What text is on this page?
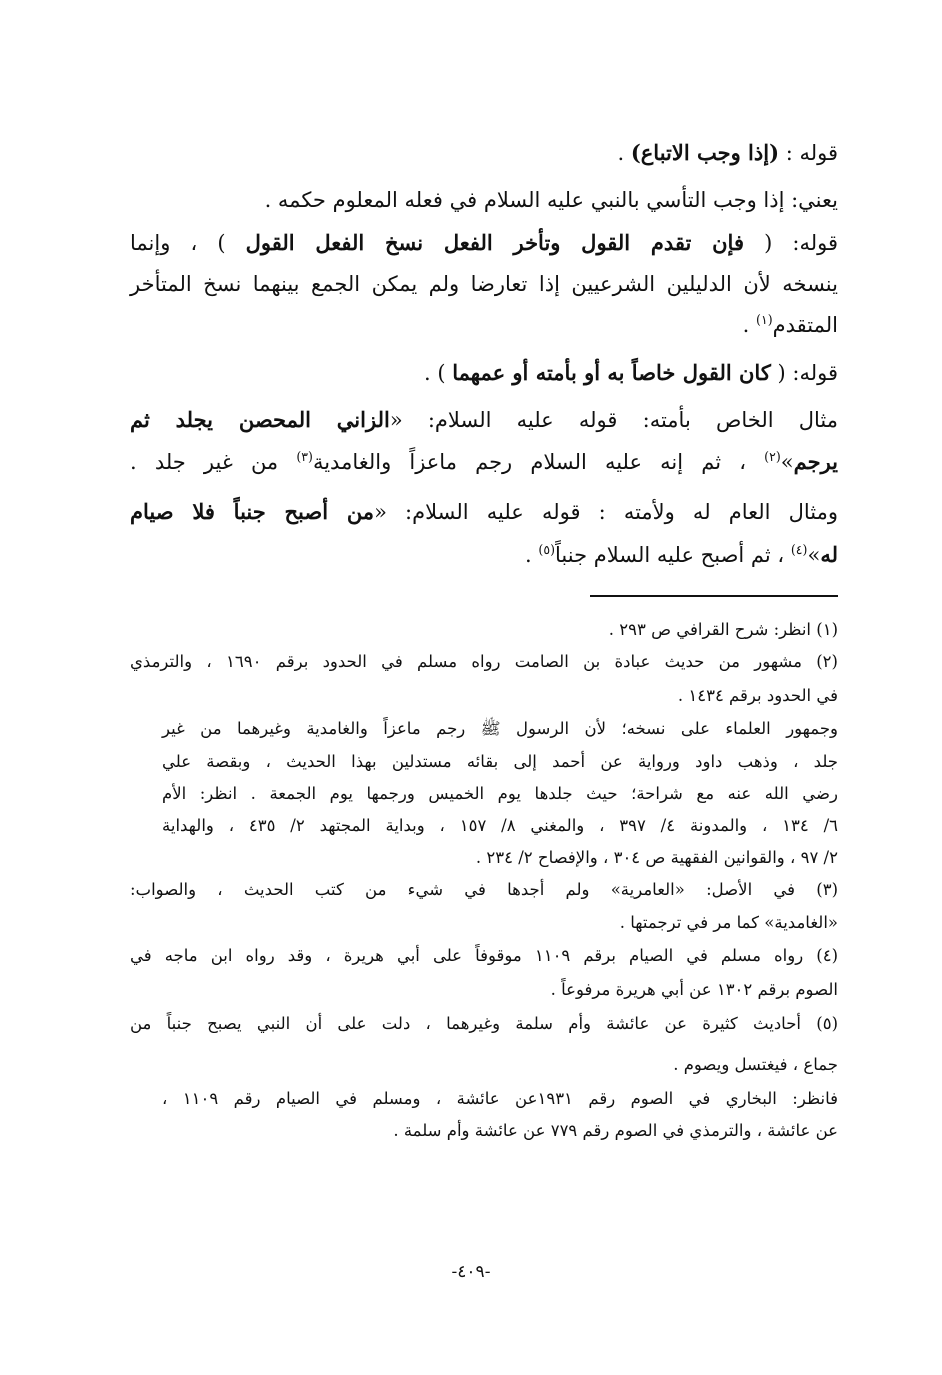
قوله : (إذا وجب الاتباع) .
يعني: إذا وجب التأسي بالنبي عليه السلام في فعله المعلوم حكمه .
قوله: ( فإن تقدم القول وتأخر الفعل نسخ الفعل القول ) ، وإنما
ينسخه لأن الدليلين الشرعيين إذا تعارضا ولم يمكن الجمع بينهما نسخ المتأخر
المتقدم$^{(١)}$ .
قوله: ( كان القول خاصاً به أو بأمته أو عمهما ) .
مثال الخاص بأمته: قوله عليه السلام: «الزاني المحصن يجلد ثم
يرجم»$^{(٢)}$ ، ثم إنه عليه السلام رجم ماعزاً والغامدية$^{(٣)}$ من غير جلد .
ومثال العام له ولأمته : قوله عليه السلام: «من أصبح جنباً فلا صيام
له»$^{(٤)}$ ، ثم أصبح عليه السلام جنباً$^{(٥)}$ .
(١) انظر: شرح القرافي ص ٢٩٣ .
(٢) مشهور من حديث عبادة بن الصامت رواه مسلم في الحدود برقم ١٦٩٠ ، والترمذي
في الحدود برقم ١٤٣٤ .
وجمهور العلماء على نسخه؛ لأن الرسول ﷺ رجم ماعزاً والغامدية وغيرهما من غير
جلد ، وذهب داود ورواية عن أحمد إلى بقائه مستدلين بهذا الحديث ، وبقصة علي
رضي الله عنه مع شراحة؛ حيث جلدها يوم الخميس ورجمها يوم الجمعة . انظر: الأم
٦/ ١٣٤ ، والمدونة ٤/ ٣٩٧ ، والمغني ٨/ ١٥٧ ، وبداية المجتهد ٢/ ٤٣٥ ، والهداية
٢/ ٩٧ ، والقوانين الفقهية ص ٣٠٤ ، والإفصاح ٢/ ٢٣٤ .
(٣) في الأصل: «العامرية» ولم أجدها في شيء من كتب الحديث ، والصواب:
«الغامدية» كما مر في ترجمتها .
(٤) رواه مسلم في الصيام برقم ١١٠٩ موقوفاً على أبي هريرة ، وقد رواه ابن ماجه في
الصوم برقم ١٣٠٢ عن أبي هريرة مرفوعاً .
(٥) أحاديث كثيرة عن عائشة وأم سلمة وغيرهما ، دلت على أن النبي يصبح جنباً من
جماع ، فيغتسل ويصوم .
فانظر: البخاري في الصوم رقم ١٩٣١عن عائشة ، ومسلم في الصيام رقم ١١٠٩ ،
عن عائشة ، والترمذي في الصوم رقم ٧٧٩ عن عائشة وأم سلمة .
-٤٠٩-
